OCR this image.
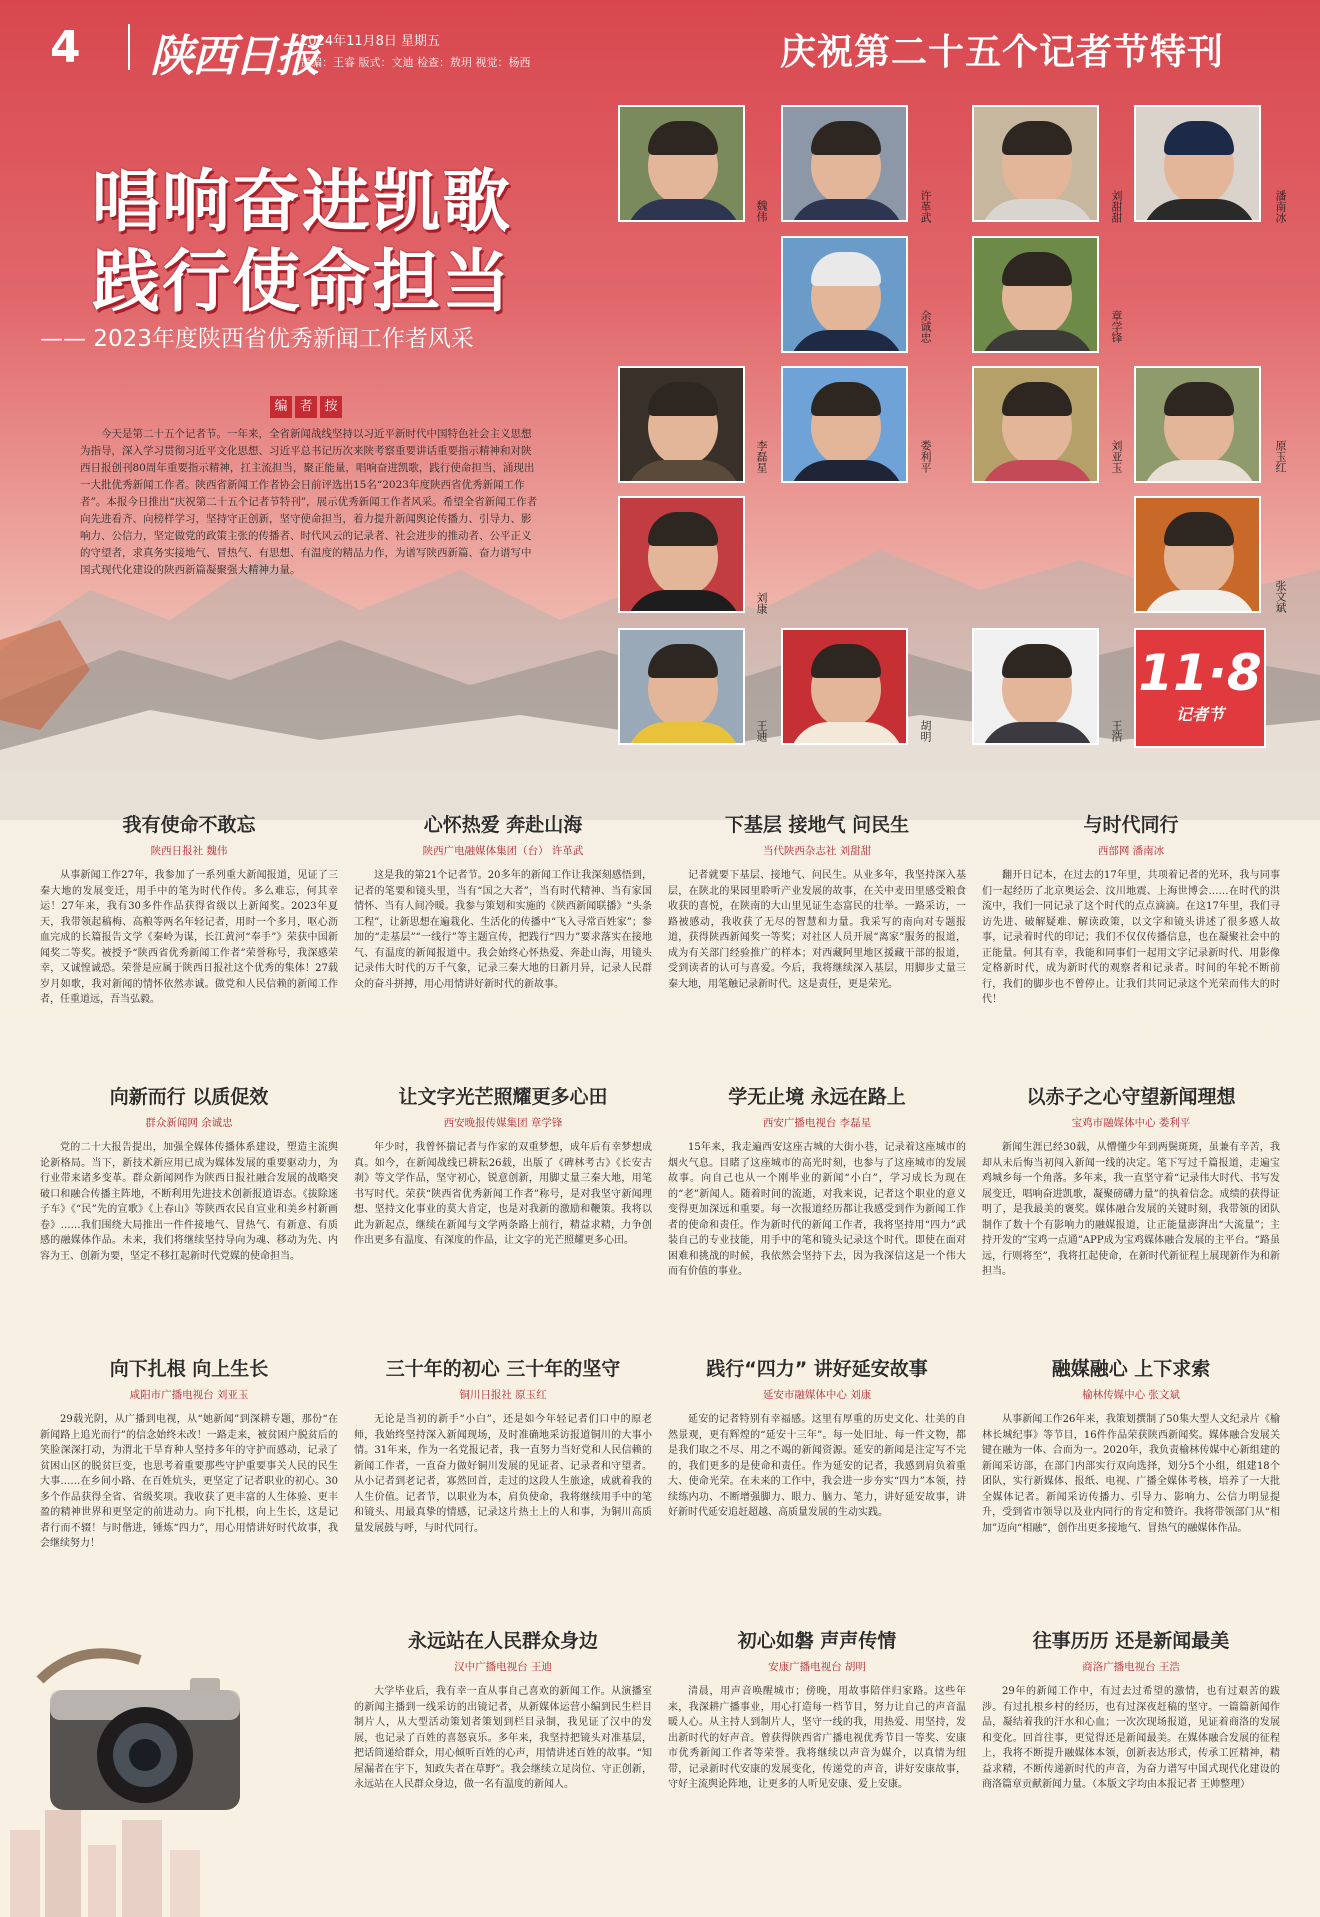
4 陕西日报
2024年11月8日 星期五
责编：王睿 版式：文迪 检查：敖玥 视觉：杨西	庆祝第二十五个记者节特刊
唱响奋进凯歌
践行使命担当
—— 2023年度陕西省优秀新闻工作者风采
编 者 按
今天是第二十五个记者节。一年来，全省新闻战线坚持以习近平新时代中国特色社会主义思想为指导，深入学习贯彻习近平文化思想、习近平总书记历次来陕考察重要讲话重要指示精神和对陕西日报创刊80周年重要指示精神，扛主流担当，聚正能量，唱响奋进凯歌，践行使命担当，涌现出一大批优秀新闻工作者。陕西省新闻工作者协会日前评选出15名“2023年度陕西省优秀新闻工作者”。本报今日推出“庆祝第二十五个记者节特刊”，展示优秀新闻工作者风采。希望全省新闻工作者向先进看齐、向榜样学习，坚持守正创新，坚守使命担当，着力提升新闻舆论传播力、引导力、影响力、公信力，坚定做党的政策主张的传播者、时代风云的记录者、社会进步的推动者、公平正义的守望者，求真务实接地气、冒热气、有思想、有温度的精品力作，为谱写陕西新篇、奋力谱写中国式现代化建设的陕西新篇凝聚强大精神力量。
魏伟	许革武	刘甜甜	潘南冰
余诚忠	章学锋
李磊星	娄利平	刘亚玉	原玉红
刘康	张文斌
王迪	胡明	王浩
11·8
记者节
我有使命不敢忘
陕西日报社 魏伟
从事新闻工作27年，我参加了一系列重大新闻报道，见证了三秦大地的发展变迁，用手中的笔为时代作传。多么难忘，何其幸运！27年来，我有30多件作品获得省级以上新闻奖。2023年夏天，我带领起稿梅、高粮等两名年轻记者，用时一个多月，呕心沥血完成的长篇报告文学《秦岭为谋，长江黄河“奉手”》荣获中国新闻奖二等奖。被授予“陕西省优秀新闻工作者”荣誉称号，我深感荣幸，又诚惶诚恐。荣誉是应属于陕西日报社这个优秀的集体！27载岁月如歌，我对新闻的情怀依然赤诚。做党和人民信赖的新闻工作者，任重道远，吾当弘毅。
心怀热爱 奔赴山海
陕西广电融媒体集团（台） 许革武
这是我的第21个记者节。20多年的新闻工作让我深刻感悟到，记者的笔要和镜头里，当有“国之大者”，当有时代精神、当有家国情怀、当有人间冷暖。我参与策划和实施的《陕西新闻联播》“头条工程”，让新思想在遍栽化、生活化的传播中“飞入寻常百姓家”；参加的“走基层”“一线行”等主题宣传，把践行“四力”要求落实在接地气、有温度的新闻报道中。我会始终心怀热爱、奔赴山海，用镜头记录伟大时代的万千气象，记录三秦大地的日新月异，记录人民群众的奋斗拼搏，用心用情讲好新时代的新故事。
下基层 接地气 问民生
当代陕西杂志社 刘甜甜
记者就要下基层、接地气、问民生。从业多年，我坚持深入基层，在陕北的果园里聆听产业发展的故事，在关中麦田里感受粮食收获的喜悦，在陕南的大山里见证生态富民的壮举。一路采访，一路被感动，我收获了无尽的智慧和力量。我采写的南向对专题报道，获得陕西新闻奖一等奖；对社区人员开展“离家”服务的报道，成为有关部门经验推广的样本；对西藏阿里地区援藏干部的报道，受到读者的认可与喜爱。今后，我将继续深入基层，用脚步丈量三秦大地，用笔触记录新时代。这是责任，更是荣光。
与时代同行
西部网 潘南冰
翻开日记本，在过去的17年里，共项着记者的光环，我与同事们一起经历了北京奥运会、汶川地震、上海世博会……在时代的洪流中，我们一同记录了这个时代的点点滴滴。在这17年里，我们寻访先进、破解疑难、解读政策，以文字和镜头讲述了很多感人故事，记录着时代的印记；我们不仅仅传播信息，也在凝聚社会中的正能量。何其有幸，我能和同事们一起用文字记录新时代、用影像定格新时代，成为新时代的观察者和记录者。时间的年轮不断前行，我们的脚步也不曾停止。让我们共同记录这个光荣而伟大的时代！
向新而行 以质促效
群众新闻网 余诚忠
党的二十大报告提出，加强全媒体传播体系建设，塑造主流舆论新格局。当下，新技术新应用已成为媒体发展的重要驱动力，为行业带来诸多变革。群众新闻网作为陕西日报社融合发展的战略突破口和融合传播主阵地，不断利用先进技术创新报道语态。《拔除迷子车》《“民”先的宣歌》《上春山》等陕西农民自宣业和美乡村新画卷》……我们围绕大局推出一件件接地气、冒热气、有新意、有质感的融媒体作品。未来，我们将继续坚持导向为魂、移动为先、内容为王、创新为要，坚定不移扛起新时代党媒的使命担当。
让文字光芒照耀更多心田
西安晚报传媒集团 章学锋
年少时，我曾怀揣记者与作家的双重梦想，成年后有幸梦想成真。如今，在新闻战线已耕耘26载，出版了《碑林考古》《长安古刹》等文学作品，坚守初心，锐意创新，用脚丈量三秦大地，用笔书写时代。荣获“陕西省优秀新闻工作者”称号，是对我坚守新闻理想、坚持文化事业的莫大肯定，也是对我新的激励和鞭策。我将以此为新起点，继续在新闻与文学两条路上前行，精益求精，力争创作出更多有温度、有深度的作品，让文字的光芒照耀更多心田。
学无止境 永远在路上
西安广播电视台 李磊星
15年来，我走遍西安这座古城的大街小巷，记录着这座城市的烟火气息。目睹了这座城市的高光时刻，也参与了这座城市的发展故事。向自己也从一个刚毕业的新闻“小白”，学习成长为现在的“老”新闻人。随着时间的流逝，对我来说，记者这个职业的意义变得更加深远和重要。每一次报道经历都让我感受到作为新闻工作者的使命和责任。作为新时代的新闻工作者，我将坚持用“四力”武装自己的专业技能，用手中的笔和镜头记录这个时代。即使在面对困难和挑战的时候，我依然会坚持下去，因为我深信这是一个伟大而有价值的事业。
以赤子之心守望新闻理想
宝鸡市融媒体中心 娄利平
新闻生涯已经30载，从懵懂少年到两鬓斑斑，虽兼有辛苦，我却从未后悔当初闯入新闻一线的决定。笔下写过千篇报道，走遍宝鸡城乡每一个角落。多年来，我一直坚守着“记录伟大时代、书写发展变迁，唱响奋进凯歌，凝聚磅礴力量”的执着信念。成绩的获得证明了，是我最美的褒奖。媒体融合发展的关键时刻，我带领的团队制作了数十个有影响力的融媒报道，让正能量澎湃出“大流量”；主持开发的“宝鸡一点通”APP成为宝鸡媒体融合发展的主平台。“路虽远，行则将至”，我将扛起使命，在新时代新征程上展现新作为和新担当。
向下扎根 向上生长
咸阳市广播电视台 刘亚玉
29载光阴，从广播到电视，从“她新闻”到深耕专题，那份“在新闻路上追光而行”的信念始终未改！一路走来，被贫困户脱贫后的笑脸深深打动，为渭北干旱育种人坚持多年的守护而感动，记录了贫困山区的脱贫巨变，也思考着重要那些守护重要事关人民的民生大事……在乡间小路、在百姓炕头，更坚定了记者职业的初心。30多个作品获得全省、省级奖项。我收获了更丰富的人生体验、更丰盈的精神世界和更坚定的前进动力。向下扎根，向上生长，这是记者行而不辍！与时偕进，锤炼“四力”，用心用情讲好时代故事，我会继续努力！
三十年的初心 三十年的坚守
铜川日报社 原玉红
无论是当初的新手“小白”，还是如今年轻记者们口中的原老师，我始终坚持深入新闻现场，及时准确地采访报道铜川的大事小情。31年来，作为一名党报记者，我一直努力当好党和人民信赖的新闻工作者，一直奋力做好铜川发展的见证者、记录者和守望者。从小记者到老记者，寡然回首，走过的这段人生旅途，成就着我的人生价值。记者节，以职业为本，肩负使命，我将继续用手中的笔和镜头、用最真挚的情感，记录这片热土上的人和事，为铜川高质量发展鼓与呼，与时代同行。
践行“四力” 讲好延安故事
延安市融媒体中心 刘康
延安的记者特别有幸福感。这里有厚重的历史文化、壮美的自然景观，更有辉煌的“延安十三年”。每一处旧址、每一件文物，都是我们取之不尽、用之不竭的新闻资源。延安的新闻是注定写不完的，我们更多的是使命和责任。作为延安的记者，我感到肩负着重大、使命光荣。在未来的工作中，我会进一步夯实“四力”本领，持续练内功、不断增强脚力、眼力、脑力、笔力，讲好延安故事，讲好新时代延安追赶超越、高质量发展的生动实践。
融媒融心 上下求索
榆林传媒中心 张文斌
从事新闻工作26年来，我策划撰制了50集大型人文纪录片《榆林长城纪事》等节目，16件作品荣获陕西新闻奖。媒体融合发展关键在融为一体、合而为一。2020年，我负责榆林传媒中心新组建的新闻采访部，在部门内部实行双向选择，划分5个小组，组建18个团队，实行新媒体、报纸、电视、广播全媒体考核，培养了一大批全媒体记者。新闻采访传播力、引导力、影响力、公信力明显提升，受到省市领导以及业内同行的肯定和赞许。我将带领部门从“相加”迈向“相融”，创作出更多接地气、冒热气的融媒体作品。
永远站在人民群众身边
汉中广播电视台 王迪
大学毕业后，我有幸一直从事自己喜欢的新闻工作。从演播室的新闻主播到一线采访的出镜记者，从新媒体运营小编到民生栏目制片人，从大型活动策划者策划到栏目录制，我见证了汉中的发展，也记录了百姓的喜怒哀乐。多年来，我坚持把镜头对准基层，把话筒递给群众，用心倾听百姓的心声，用情讲述百姓的故事。“知屋漏者在宇下，知政失者在草野”。我会继续立足岗位、守正创新，永远站在人民群众身边，做一名有温度的新闻人。
初心如磐 声声传情
安康广播电视台 胡明
清晨，用声音唤醒城市；傍晚，用故事陪伴归家路。这些年来，我深耕广播事业，用心打造每一档节目，努力让自己的声音温暖人心。从主持人到制片人，坚守一线的我，用热爱、用坚持，发出新时代的好声音。曾获得陕西省广播电视优秀节目一等奖、安康市优秀新闻工作者等荣誉。我将继续以声音为媒介，以真情为纽带，记录新时代安康的发展变化，传递党的声音，讲好安康故事，守好主流舆论阵地，让更多的人听见安康、爱上安康。
往事历历 还是新闻最美
商洛广播电视台 王浩
29年的新闻工作中，有过去过希望的激情，也有过艰苦的跋涉。有过扎根乡村的经历，也有过深夜赶稿的坚守。一篇篇新闻作品，凝结着我的汗水和心血；一次次现场报道，见证着商洛的发展和变化。回首往事，更觉得还是新闻最美。在媒体融合发展的征程上，我将不断提升融媒体本领，创新表达形式，传承工匠精神，精益求精，不断传递新时代的声音，为奋力谱写中国式现代化建设的商洛篇章贡献新闻力量。（本版文字均由本报记者 王帅整理）
